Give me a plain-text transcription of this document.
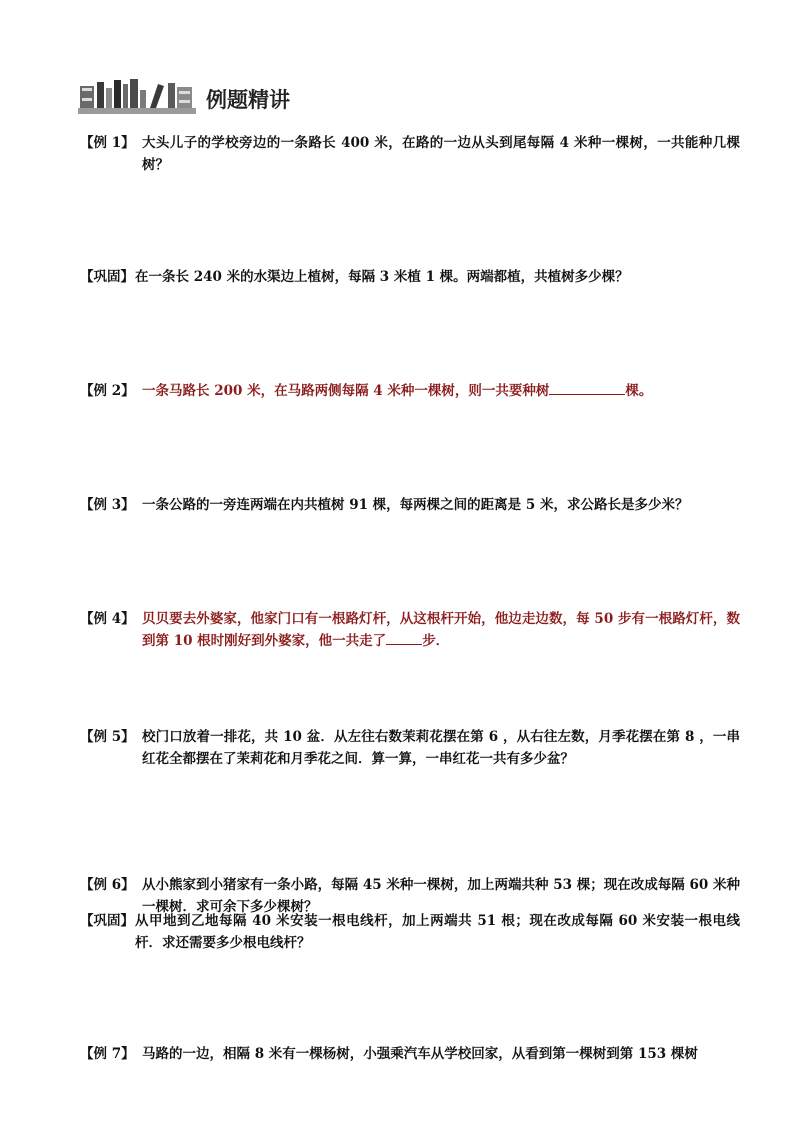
例题精讲
【例 1】 大头儿子的学校旁边的一条路长 400 米，在路的一边从头到尾每隔 4 米种一棵树，一共能种几棵树？
【巩固】 在一条长 240 米的水渠边上植树，每隔 3 米植 1 棵。两端都植，共植树多少棵？
【例 2】 一条马路长 200 米，在马路两侧每隔 4 米种一棵树，则一共要种树	棵。
【例 3】 一条公路的一旁连两端在内共植树 91 棵，每两棵之间的距离是 5 米，求公路长是多少米？
【例 4】 贝贝要去外婆家，他家门口有一根路灯杆，从这根杆开始，他边走边数，每 50 步有一根路灯杆，数到第 10 根时刚好到外婆家，他一共走了	步．
【例 5】 校门口放着一排花，共 10 盆．从左往右数茉莉花摆在第 6 ，从右往左数，月季花摆在第 8 ，一串红花全都摆在了茉莉花和月季花之间．算一算，一串红花一共有多少盆？
【例 6】 从小熊家到小猪家有一条小路，每隔 45 米种一棵树，加上两端共种 53 棵；现在改成每隔 60 米种一棵树．求可余下多少棵树？
【巩固】 从甲地到乙地每隔 40 米安装一根电线杆，加上两端共 51 根；现在改成每隔 60 米安装一根电线杆．求还需要多少根电线杆？
【例 7】 马路的一边，相隔 8 米有一棵杨树，小强乘汽车从学校回家，从看到第一棵树到第 153 棵树
